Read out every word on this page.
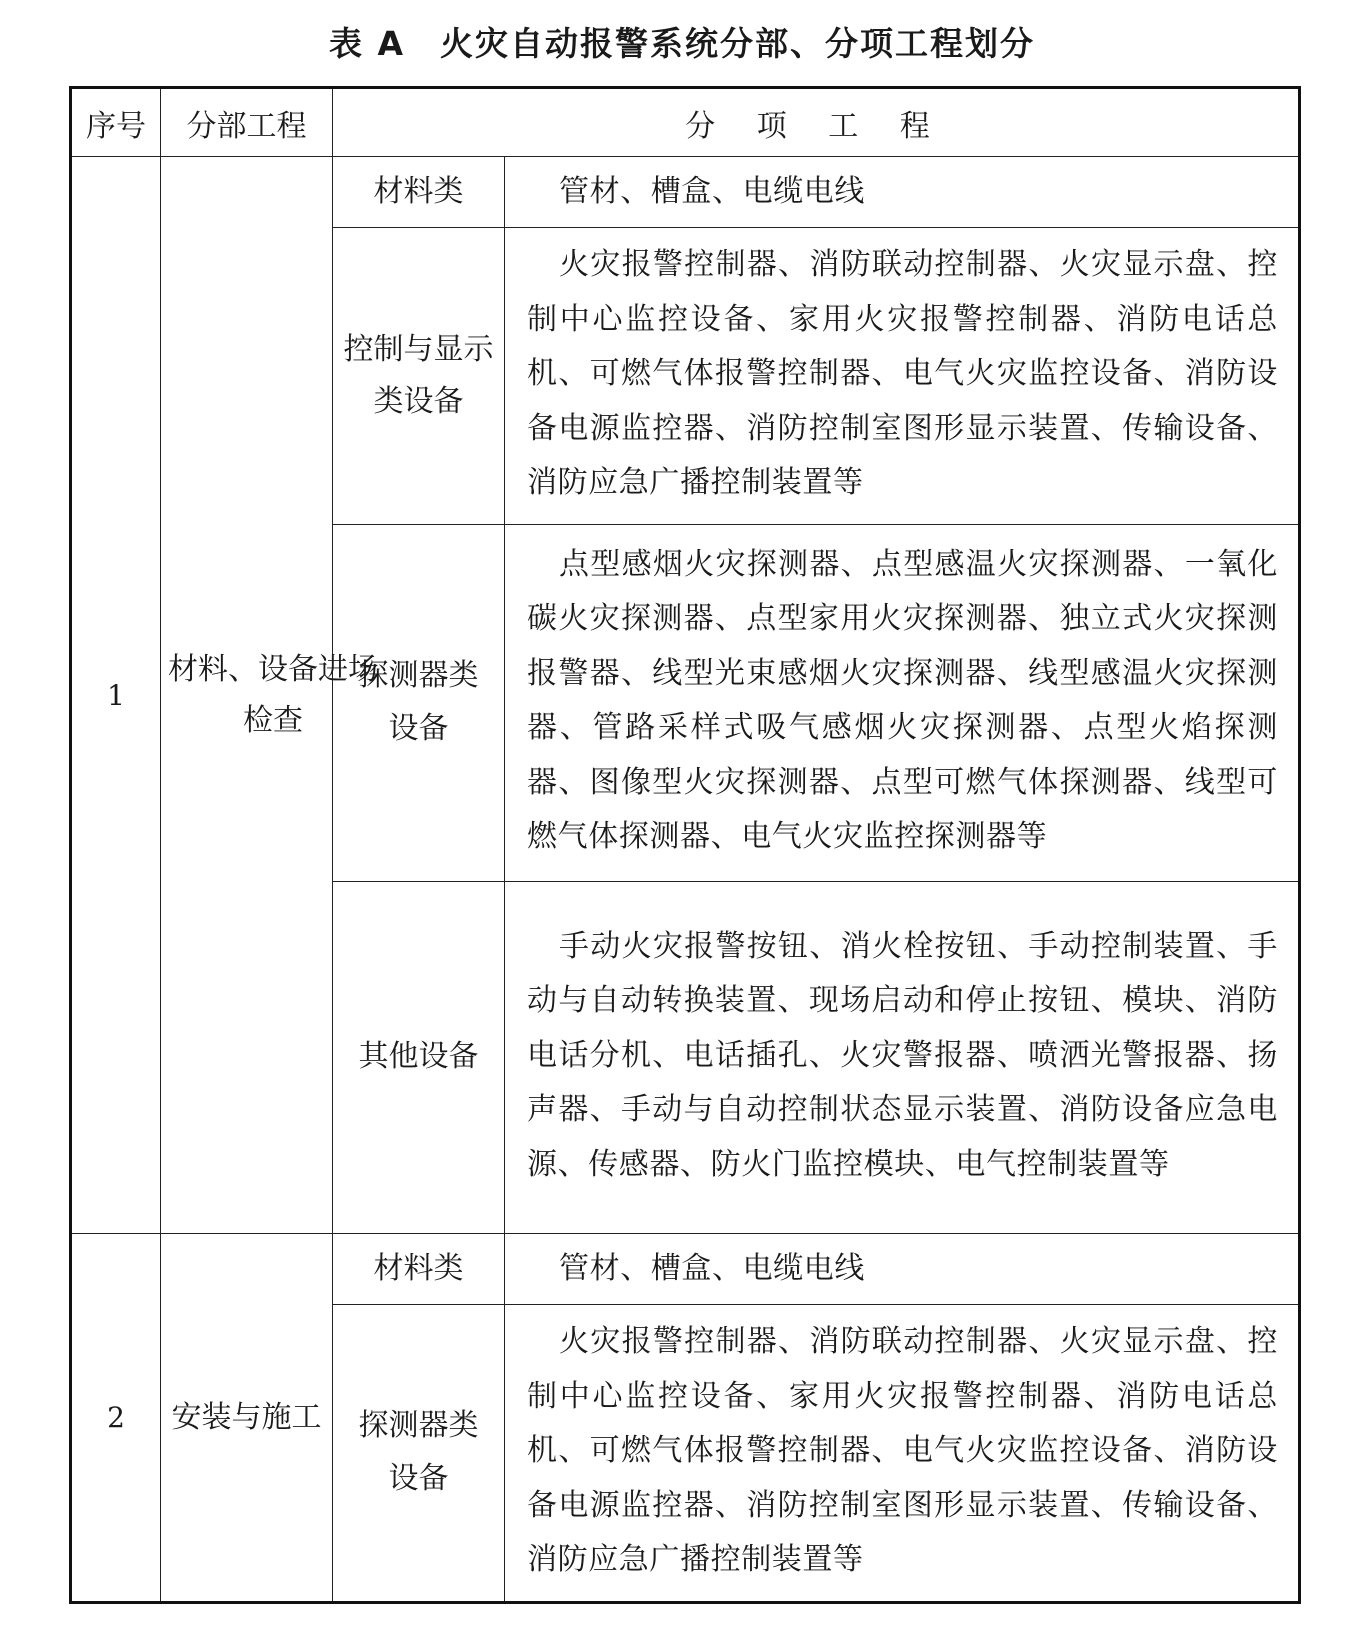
表 A　火灾自动报警系统分部、分项工程划分
序号	分部工程	分 项 工 程	
1	材料、设备进场检查	材料类	管材、槽盒、电缆电线

		控制与显示类设备	火灾报警控制器、消防联动控制器、火灾显示盘、控制中心监控设备、家用火灾报警控制器、消防电话总机、可燃气体报警控制器、电气火灾监控设备、消防设备电源监控器、消防控制室图形显示装置、传输设备、消防应急广播控制装置等

		探测器类设备	点型感烟火灾探测器、点型感温火灾探测器、一氧化碳火灾探测器、点型家用火灾探测器、独立式火灾探测报警器、线型光束感烟火灾探测器、线型感温火灾探测器、管路采样式吸气感烟火灾探测器、点型火焰探测器、图像型火灾探测器、点型可燃气体探测器、线型可燃气体探测器、电气火灾监控探测器等
		其他设备	手动火灾报警按钮、消火栓按钮、手动控制装置、手动与自动转换装置、现场启动和停止按钮、模块、消防电话分机、电话插孔、火灾警报器、喷洒光警报器、扬声器、手动与自动控制状态显示装置、消防设备应急电源、传感器、防火门监控模块、电气控制装置等
2	安装与施工	材料类	管材、槽盒、电缆电线

		探测器类设备	火灾报警控制器、消防联动控制器、火灾显示盘、控制中心监控设备、家用火灾报警控制器、消防电话总机、可燃气体报警控制器、电气火灾监控设备、消防设备电源监控器、消防控制室图形显示装置、传输设备、消防应急广播控制装置等
